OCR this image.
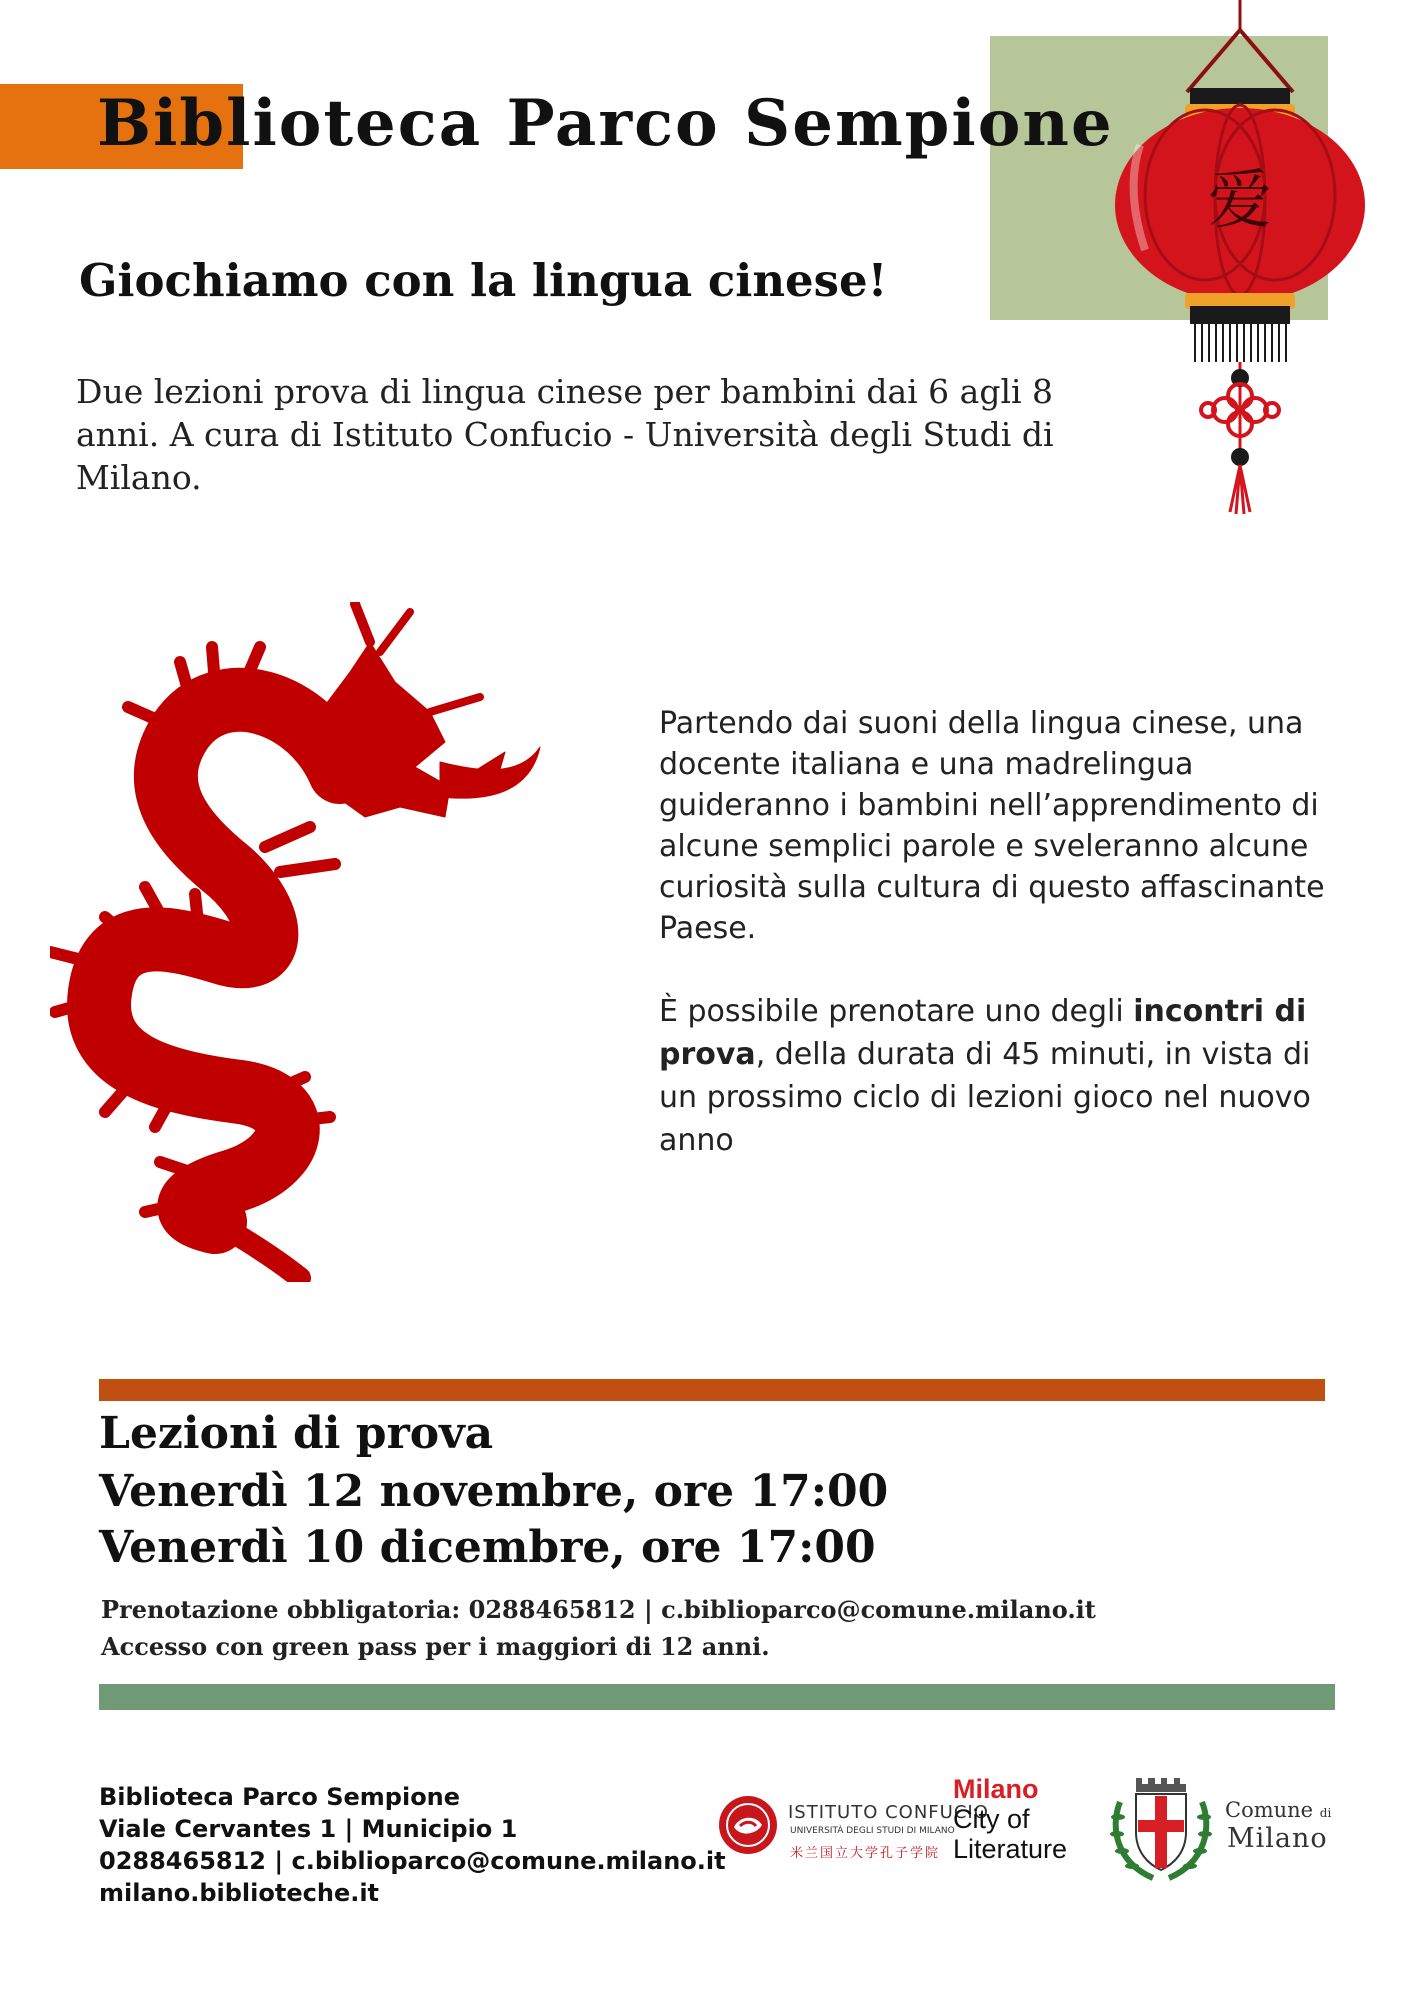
Biblioteca Parco Sempione
Giochiamo con la lingua cinese!
Due lezioni prova di lingua cinese per bambini dai 6 agli 8 anni. A cura di Istituto Confucio - Università degli Studi di Milano.
爱
Partendo dai suoni della lingua cinese, una docente italiana e una madrelingua guideranno i bambini nell’apprendimento di alcune semplici parole e sveleranno alcune curiosità sulla cultura di questo affascinante Paese.
È possibile prenotare uno degli incontri di prova, della durata di 45 minuti, in vista di un prossimo ciclo di lezioni gioco nel nuovo anno
Lezioni di prova
Venerdì 12 novembre, ore 17:00
Venerdì 10 dicembre, ore 17:00
Prenotazione obbligatoria: 0288465812 | c.biblioparco@comune.milano.it
Accesso con green pass per i maggiori di 12 anni.
Biblioteca Parco Sempione
Viale Cervantes 1 | Municipio 1
0288465812 | c.biblioparco@comune.milano.it
milano.biblioteche.it
ISTITUTO CONFUCIO
UNIVERSITÀ DEGLI STUDI DI MILANO
米兰国立大学孔子学院
Milano
City of
Literature
Comune di
Milano
